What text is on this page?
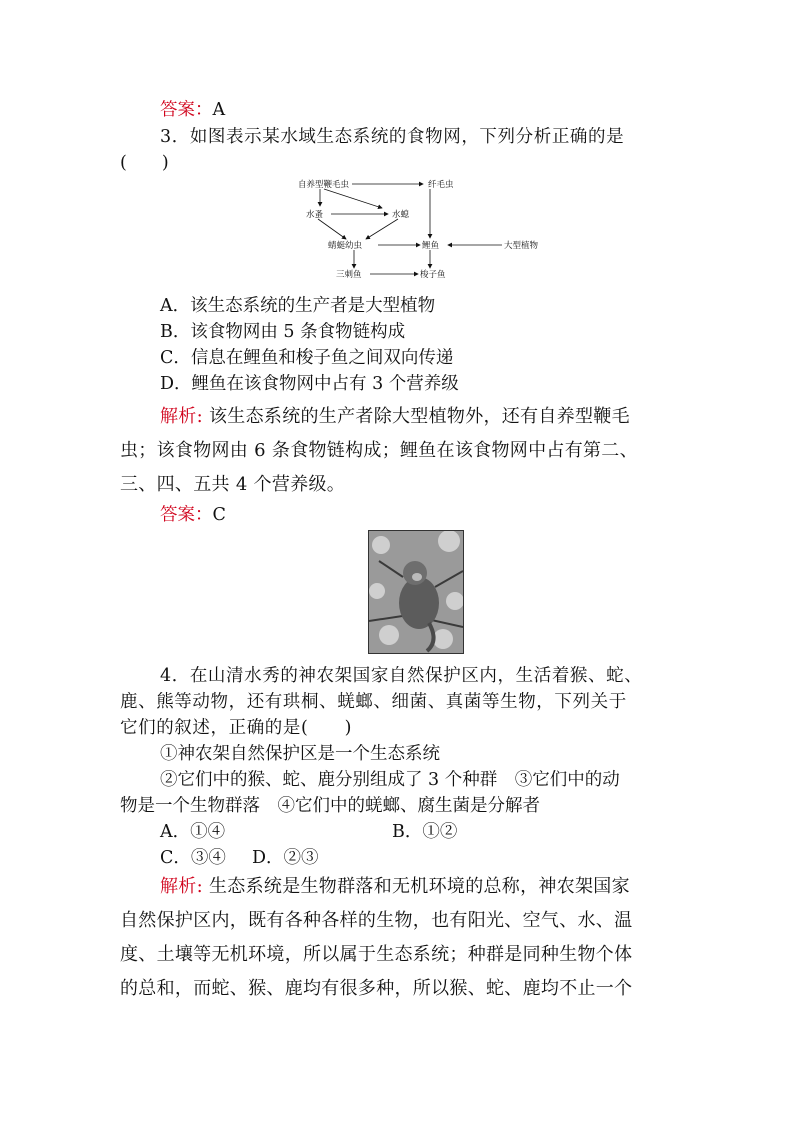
答案：A
3．如图表示某水域生态系统的食物网，下列分析正确的是
(　　)
自养型鞭毛虫	纤毛虫
水蚤	水螅
蜻蜓幼虫	鲤鱼	大型植物
三刺鱼	梭子鱼
A．该生态系统的生产者是大型植物
B．该食物网由 5 条食物链构成
C．信息在鲤鱼和梭子鱼之间双向传递
D．鲤鱼在该食物网中占有 3 个营养级
解析: 该生态系统的生产者除大型植物外，还有自养型鞭毛
虫；该食物网由 6 条食物链构成；鲤鱼在该食物网中占有第二、
三、四、五共 4 个营养级。
答案：C
4．在山清水秀的神农架国家自然保护区内，生活着猴、蛇、
鹿、熊等动物，还有珙桐、蜣螂、细菌、真菌等生物，下列关于
它们的叙述，正确的是(　　)
①神农架自然保护区是一个生态系统
②它们中的猴、蛇、鹿分别组成了 3 个种群　③它们中的动
物是一个生物群落　④它们中的蜣螂、腐生菌是分解者
A．①④	B．①②
C．③④ D．②③
解析: 生态系统是生物群落和无机环境的总称，神农架国家
自然保护区内，既有各种各样的生物，也有阳光、空气、水、温
度、土壤等无机环境，所以属于生态系统；种群是同种生物个体
的总和，而蛇、猴、鹿均有很多种，所以猴、蛇、鹿均不止一个
